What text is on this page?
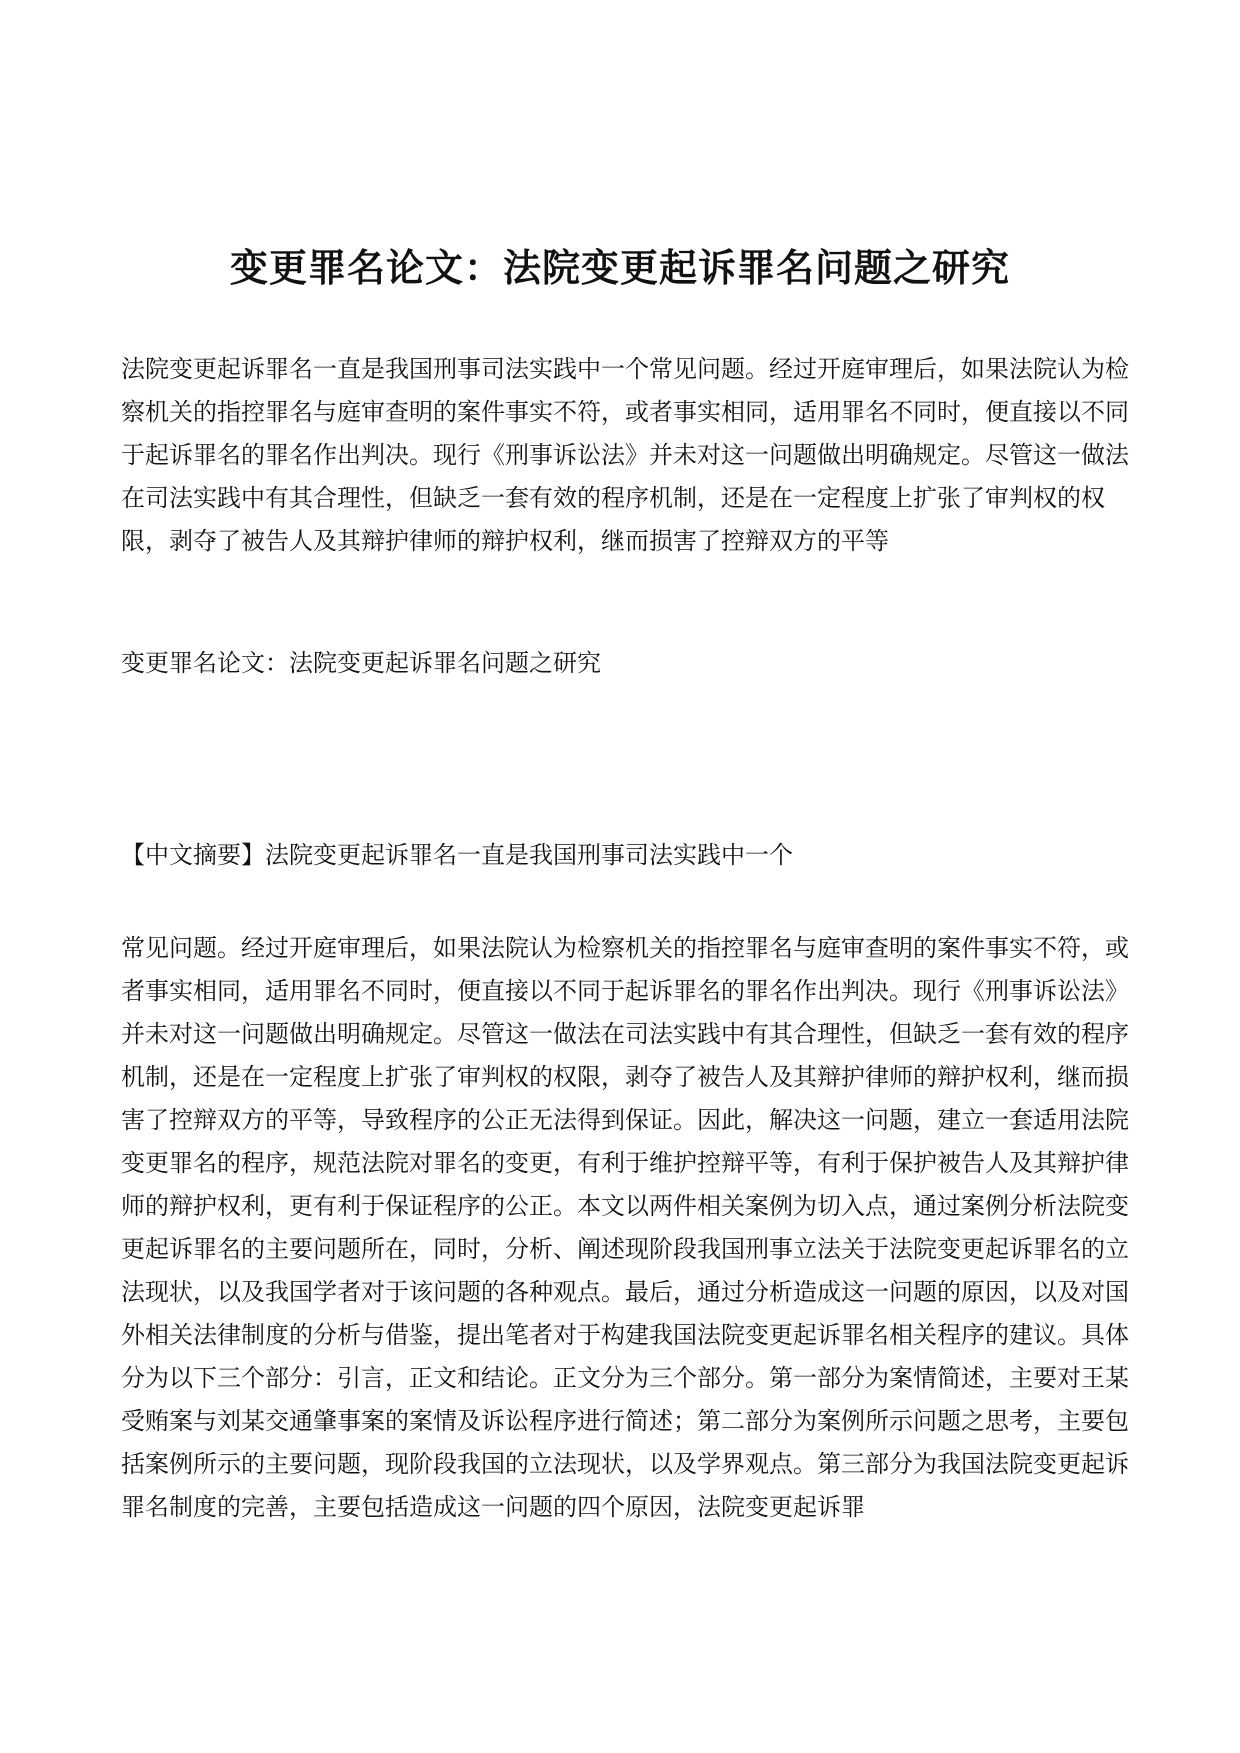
变更罪名论文：法院变更起诉罪名问题之研究

法院变更起诉罪名一直是我国刑事司法实践中一个常见问题。经过开庭审理后，如果法院认为检察机关的指控罪名与庭审查明的案件事实不符，或者事实相同，适用罪名不同时，便直接以不同于起诉罪名的罪名作出判决。现行《刑事诉讼法》并未对这一问题做出明确规定。尽管这一做法在司法实践中有其合理性，但缺乏一套有效的程序机制，还是在一定程度上扩张了审判权的权限，剥夺了被告人及其辩护律师的辩护权利，继而损害了控辩双方的平等

变更罪名论文：法院变更起诉罪名问题之研究

【中文摘要】法院变更起诉罪名一直是我国刑事司法实践中一个

常见问题。经过开庭审理后，如果法院认为检察机关的指控罪名与庭审查明的案件事实不符，或者事实相同，适用罪名不同时，便直接以不同于起诉罪名的罪名作出判决。现行《刑事诉讼法》并未对这一问题做出明确规定。尽管这一做法在司法实践中有其合理性，但缺乏一套有效的程序机制，还是在一定程度上扩张了审判权的权限，剥夺了被告人及其辩护律师的辩护权利，继而损害了控辩双方的平等，导致程序的公正无法得到保证。因此，解决这一问题，建立一套适用法院变更罪名的程序，规范法院对罪名的变更，有利于维护控辩平等，有利于保护被告人及其辩护律师的辩护权利，更有利于保证程序的公正。本文以两件相关案例为切入点，通过案例分析法院变更起诉罪名的主要问题所在，同时，分析、阐述现阶段我国刑事立法关于法院变更起诉罪名的立法现状，以及我国学者对于该问题的各种观点。最后，通过分析造成这一问题的原因，以及对国外相关法律制度的分析与借鉴，提出笔者对于构建我国法院变更起诉罪名相关程序的建议。具体分为以下三个部分：引言，正文和结论。正文分为三个部分。第一部分为案情简述，主要对王某受贿案与刘某交通肇事案的案情及诉讼程序进行简述；第二部分为案例所示问题之思考，主要包括案例所示的主要问题，现阶段我国的立法现状，以及学界观点。第三部分为我国法院变更起诉罪名制度的完善，主要包括造成这一问题的四个原因，法院变更起诉罪
